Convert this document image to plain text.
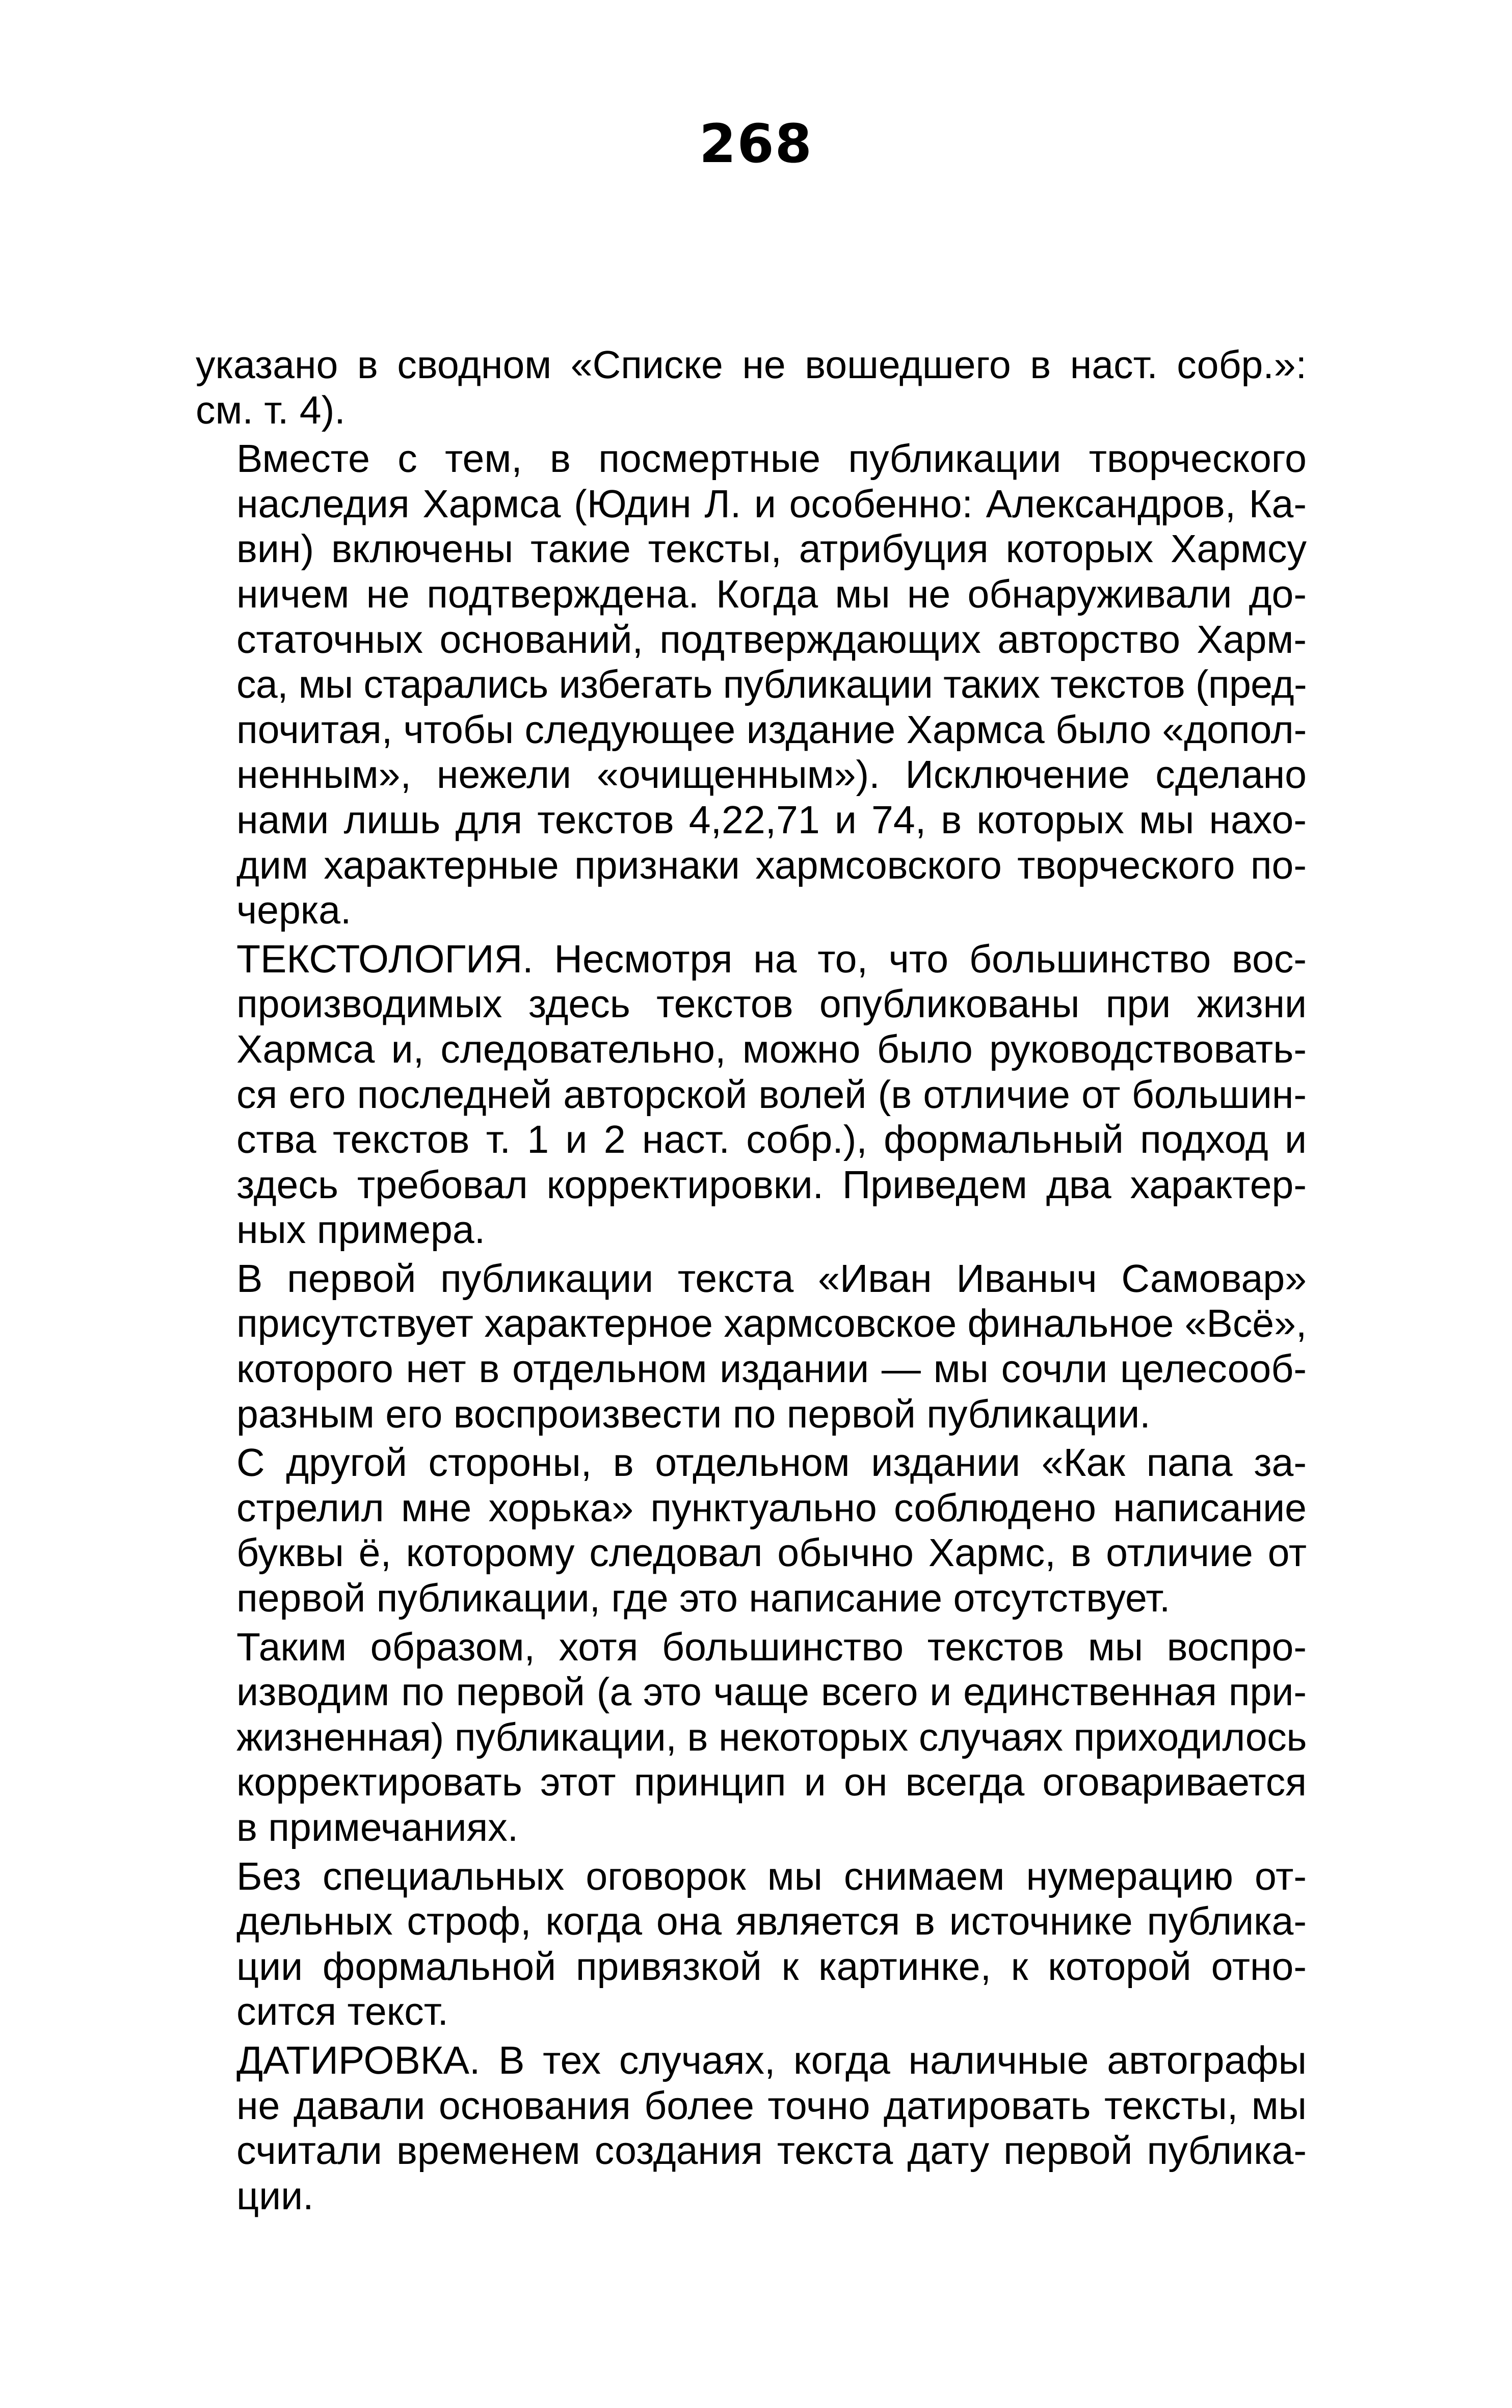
268
указано в сводном «Списке не вошедшего в наст. собр.»:
см. т. 4).
Вместе с тем, в посмертные публикации творческого
наследия Хармса (Юдин Л. и особенно: Александров, Ка-
вин) включены такие тексты, атрибуция которых Хармсу
ничем не подтверждена. Когда мы не обнаруживали до-
статочных оснований, подтверждающих авторство Харм-
са, мы старались избегать публикации таких текстов (пред-
почитая, чтобы следующее издание Хармса было «допол-
ненным», нежели «очищенным»). Исключение сделано
нами лишь для текстов 4,22,71 и 74, в которых мы нахо-
дим характерные признаки хармсовского творческого по-
черка.
ТЕКСТОЛОГИЯ. Несмотря на то, что большинство вос-
производимых здесь текстов опубликованы при жизни
Хармса и, следовательно, можно было руководствовать-
ся его последней авторской волей (в отличие от большин-
ства текстов т. 1 и 2 наст. собр.), формальный подход и
здесь требовал корректировки. Приведем два характер-
ных примера.
В первой публикации текста «Иван Иваныч Самовар»
присутствует характерное хармсовское финальное «Всё»,
которого нет в отдельном издании — мы сочли целесооб-
разным его воспроизвести по первой публикации.
С другой стороны, в отдельном издании «Как папа за-
стрелил мне хорька» пунктуально соблюдено написание
буквы ё, которому следовал обычно Хармс, в отличие от
первой публикации, где это написание отсутствует.
Таким образом, хотя большинство текстов мы воспро-
изводим по первой (а это чаще всего и единственная при-
жизненная) публикации, в некоторых случаях приходилось
корректировать этот принцип и он всегда оговаривается
в примечаниях.
Без специальных оговорок мы снимаем нумерацию от-
дельных строф, когда она является в источнике публика-
ции формальной привязкой к картинке, к которой отно-
сится текст.
ДАТИРОВКА. В тех случаях, когда наличные автографы
не давали основания более точно датировать тексты, мы
считали временем создания текста дату первой публика-
ции.
